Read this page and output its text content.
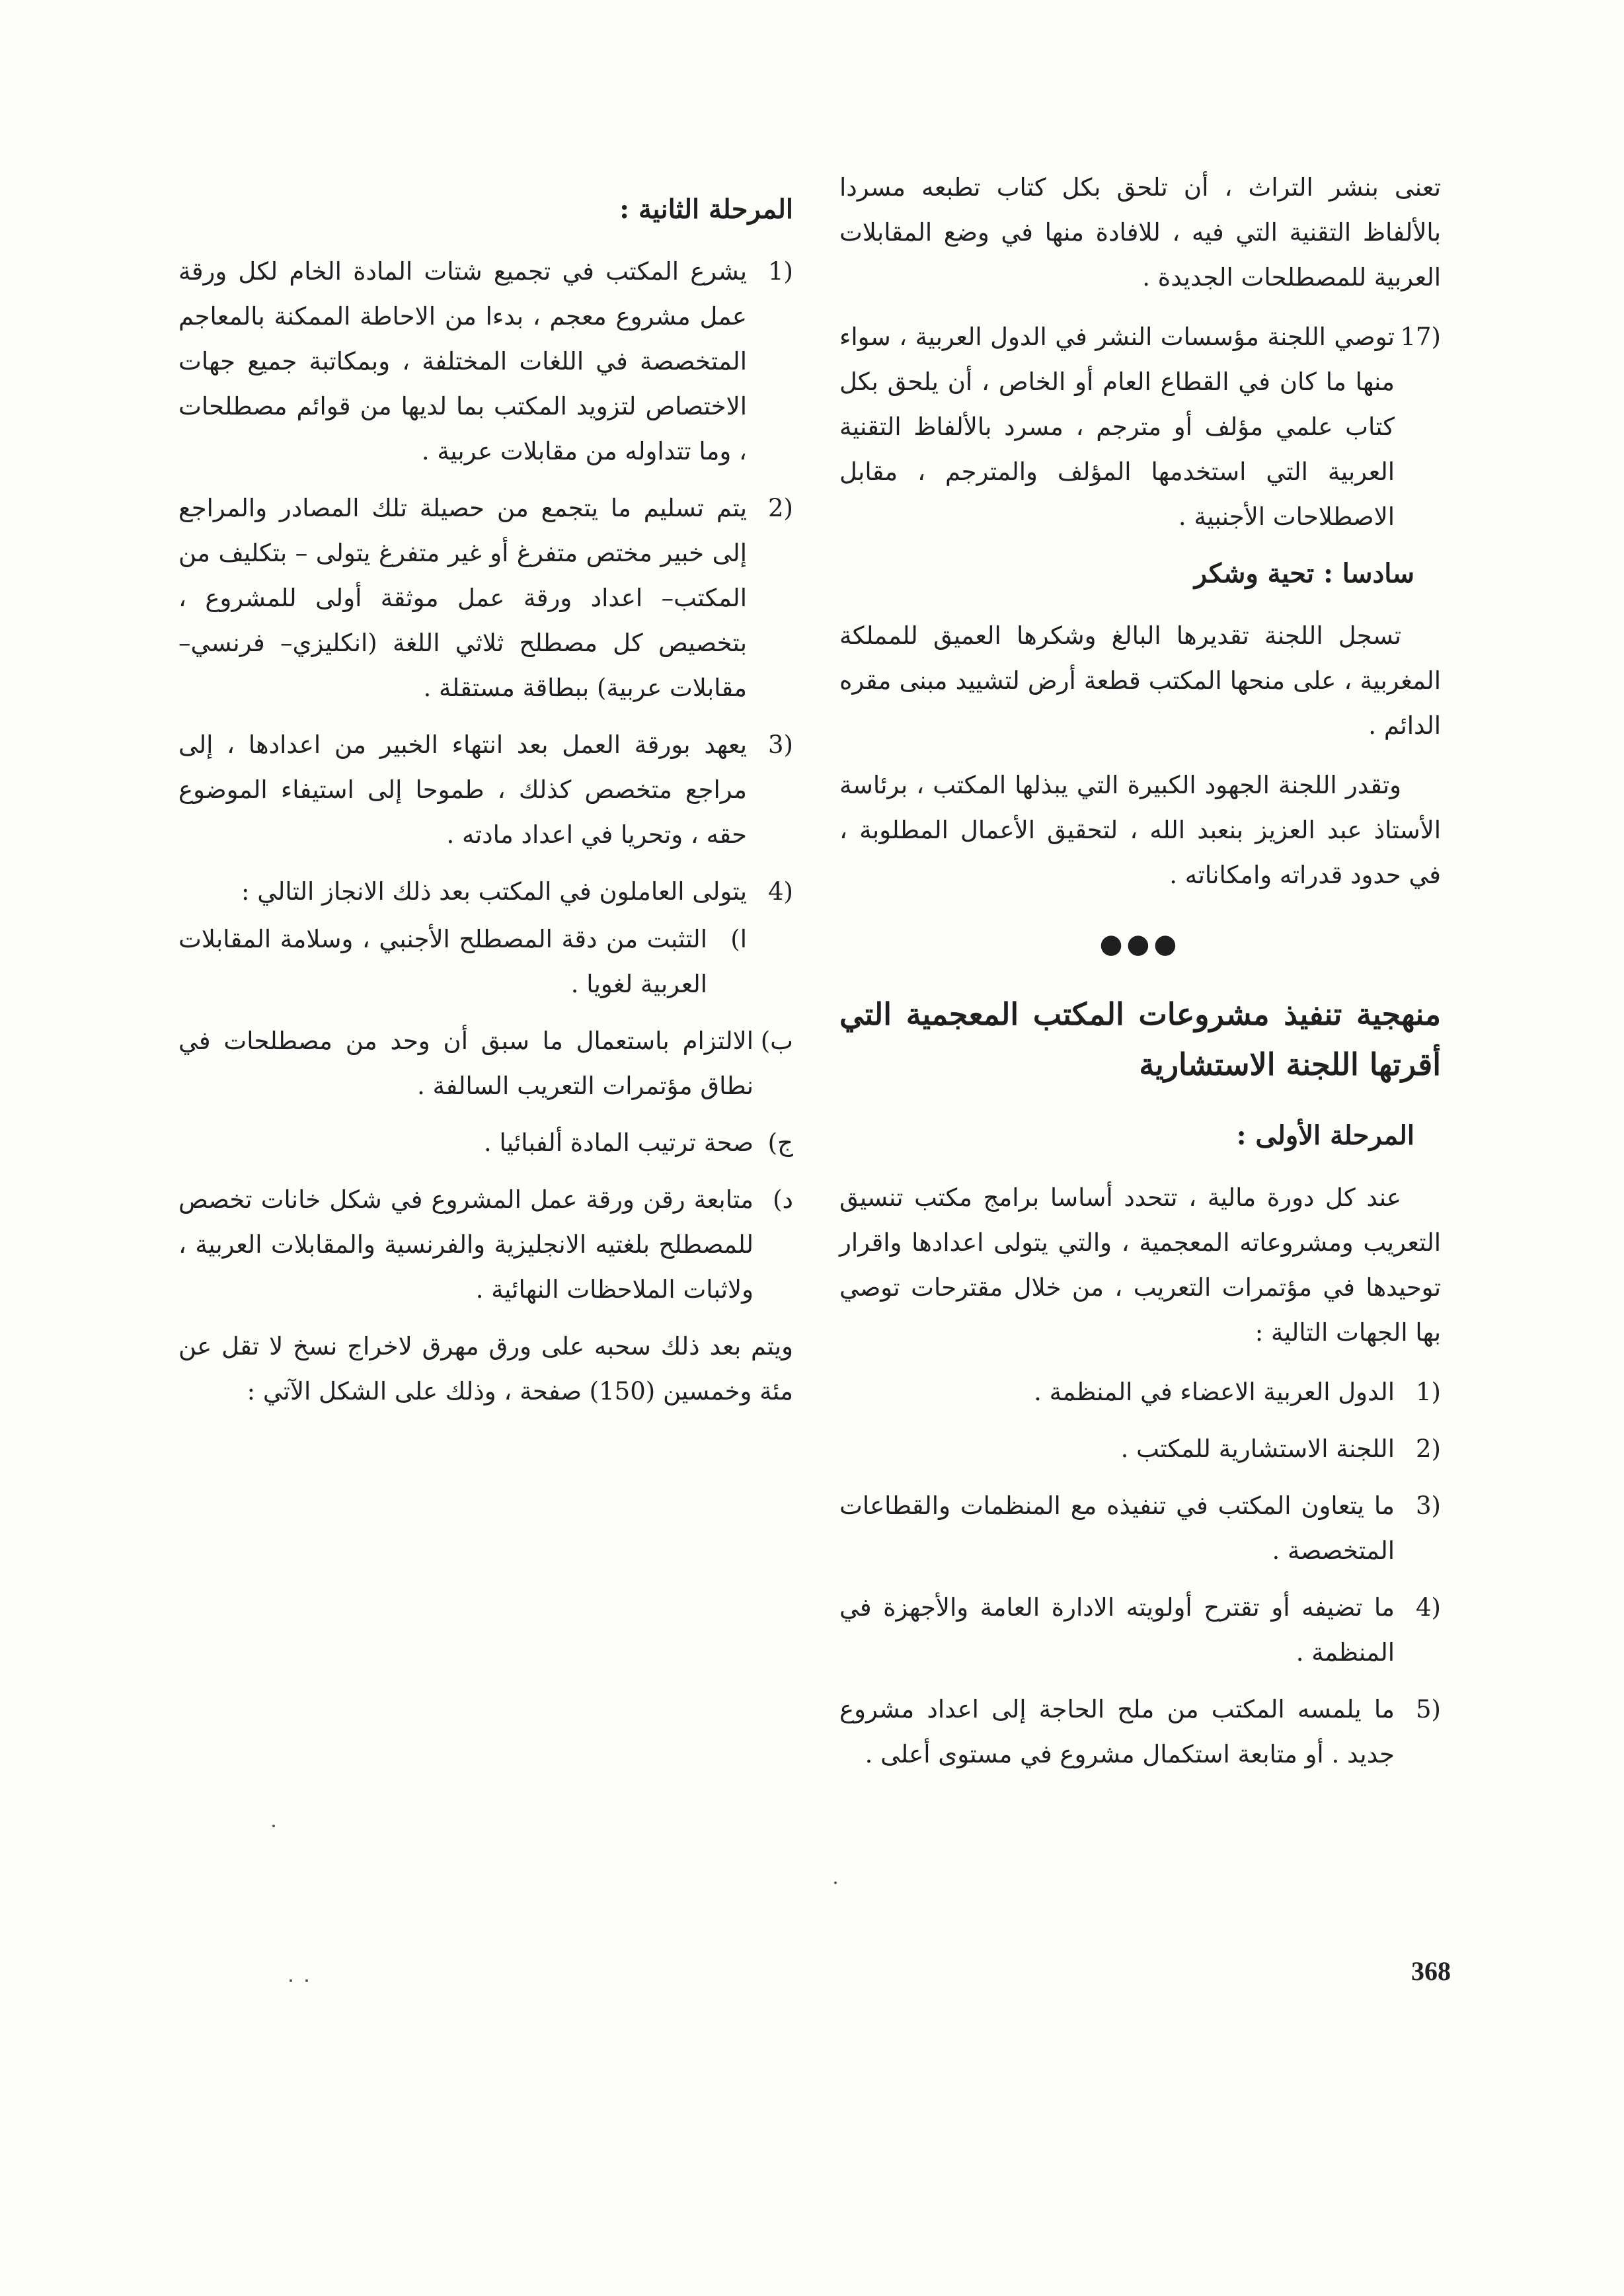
تعنى بنشر التراث ، أن تلحق بكل كتاب تطبعه مسردا بالألفاظ التقنية التي فيه ، للافادة منها في وضع المقابلات العربية للمصطلحات الجديدة .

17)
توصي اللجنة مؤسسات النشر في الدول العربية ، سواء منها ما كان في القطاع العام أو الخاص ، أن يلحق بكل كتاب علمي مؤلف أو مترجم ، مسرد بالألفاظ التقنية العربية التي استخدمها المؤلف والمترجم ، مقابل الاصطلاحات الأجنبية .
سادسا : تحية وشكر

تسجل اللجنة تقديرها البالغ وشكرها العميق للمملكة المغربية ، على منحها المكتب قطعة أرض لتشييد مبنى مقره الدائم .

وتقدر اللجنة الجهود الكبيرة التي يبذلها المكتب ، برئاسة الأستاذ عبد العزيز بنعبد الله ، لتحقيق الأعمال المطلوبة ، في حدود قدراته وامكاناته .

●●●
منهجية تنفيذ مشروعات المكتب المعجمية التي أقرتها اللجنة الاستشارية
المرحلة الأولى :

عند كل دورة مالية ، تتحدد أساسا برامج مكتب تنسيق التعريب ومشروعاته المعجمية ، والتي يتولى اعدادها واقرار توحيدها في مؤتمرات التعريب ، من خلال مقترحات توصي بها الجهات التالية :

1)
الدول العربية الاعضاء في المنظمة .
2)
اللجنة الاستشارية للمكتب .
3)
ما يتعاون المكتب في تنفيذه مع المنظمات والقطاعات المتخصصة .
4)
ما تضيفه أو تقترح أولويته الادارة العامة والأجهزة في المنظمة .
5)
ما يلمسه المكتب من ملح الحاجة إلى اعداد مشروع جديد . أو متابعة استكمال مشروع في مستوى أعلى .
المرحلة الثانية :
1)
يشرع المكتب في تجميع شتات المادة الخام لكل ورقة عمل مشروع معجم ، بدءا من الاحاطة الممكنة بالمعاجم المتخصصة في اللغات المختلفة ، وبمكاتبة جميع جهات الاختصاص لتزويد المكتب بما لديها من قوائم مصطلحات ، وما تتداوله من مقابلات عربية .
2)
يتم تسليم ما يتجمع من حصيلة تلك المصادر والمراجع إلى خبير مختص متفرغ أو غير متفرغ يتولى – بتكليف من المكتب– اعداد ورقة عمل موثقة أولى للمشروع ، بتخصيص كل مصطلح ثلاثي اللغة (انكليزي– فرنسي– مقابلات عربية) ببطاقة مستقلة .
3)
يعهد بورقة العمل بعد انتهاء الخبير من اعدادها ، إلى مراجع متخصص كذلك ، طموحا إلى استيفاء الموضوع حقه ، وتحريا في اعداد مادته .
4)
يتولى العاملون في المكتب بعد ذلك الانجاز التالي :
ا)
التثبت من دقة المصطلح الأجنبي ، وسلامة المقابلات العربية لغويا .
ب)
الالتزام باستعمال ما سبق أن وحد من مصطلحات في نطاق مؤتمرات التعريب السالفة .
ج)
صحة ترتيب المادة ألفبائيا .
د)
متابعة رقن ورقة عمل المشروع في شكل خانات تخصص للمصطلح بلغتيه الانجليزية والفرنسية والمقابلات العربية ، ولاثبات الملاحظات النهائية .

ويتم بعد ذلك سحبه على ورق مهرق لاخراج نسخ لا تقل عن مئة وخمسين (150) صفحة ، وذلك على الشكل الآتي :

368
